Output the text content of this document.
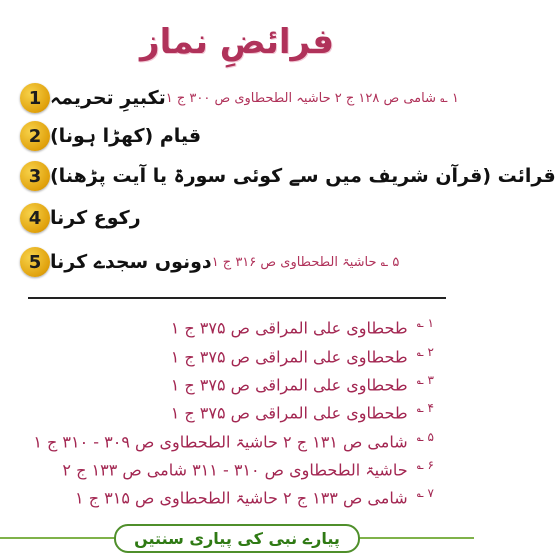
فرائضِ نماز
1 تکبیرِ تحریمہ ۱ ؎ شامی ص ۱۲۸ ج ۲ حاشیہ الطحطاوی ص ۳۰۰ ج ۱
2 قیام (کھڑا ہونا)
3 قرائت (قرآن شریف میں سے کوئی سورۃ یا آیت پڑھنا)
4 رکوع کرنا
5 دونوں سجدے کرنا ۵ ؎ حاشیۃ الطحطاوی ص ۳۱۶ ج ۱
$^{۱ ؎}$ طحطاوی علی المراقی ص ۳۷۵ ج ۱
$^{۲ ؎}$ طحطاوی علی المراقی ص ۳۷۵ ج ۱
$^{۳ ؎}$ طحطاوی علی المراقی ص ۳۷۵ ج ۱
$^{۴ ؎}$ طحطاوی علی المراقی ص ۳۷۵ ج ۱
$^{۵ ؎}$ شامی ص ۱۳۱ ج ۲ حاشیۃ الطحطاوی ص ۳۰۹ - ۳۱۰ ج ۱
$^{۶ ؎}$ حاشیۃ الطحطاوی ص ۳۱۰ - ۳۱۱ شامی ص ۱۳۳ ج ۲
$^{۷ ؎}$ شامی ص ۱۳۳ ج ۲ حاشیۃ الطحطاوی ص ۳۱۵ ج ۱
پیارے نبی کی پیاری سنتیں
